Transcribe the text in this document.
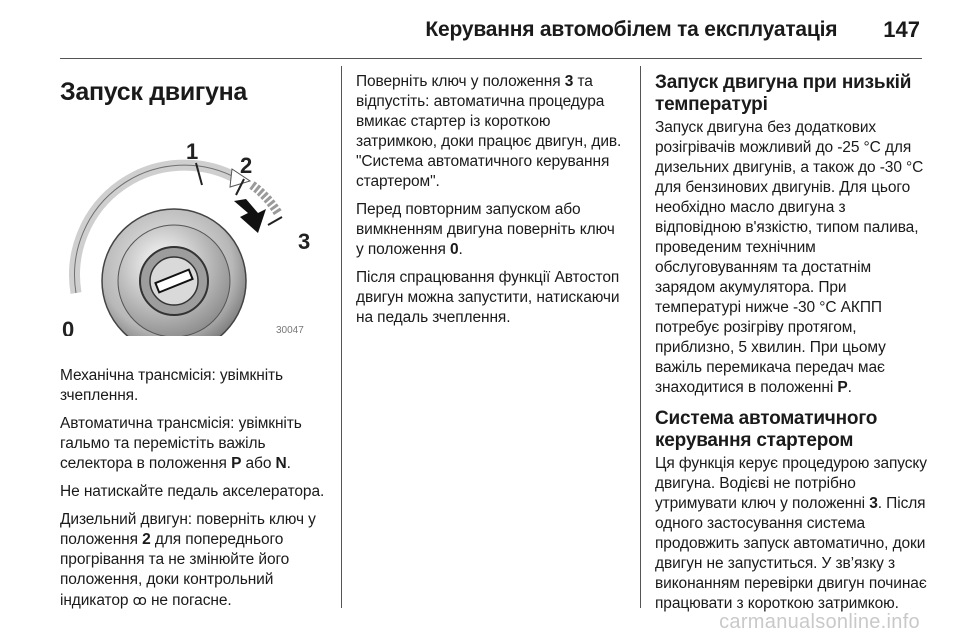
Керування автомобілем та експлуатація 147
Запуск двигуна
1
2
3
0	30047

Механічна трансмісія: увімкніть зчеплення.

Автоматична трансмісія: увімкніть гальмо та перемістіть важіль селектора в положення P або N.

Не натискайте педаль акселератора.

Дизельний двигун: поверніть ключ у положення 2 для попереднього прогрівання та не змінюйте його положення, доки контрольний індикатор ꝏ не погасне.

Поверніть ключ у положення 3 та відпустіть: автоматична процедура вмикає стартер із короткою затримкою, доки працює двигун, див. "Система автоматичного керування стартером".

Перед повторним запуском або вимкненням двигуна поверніть ключ у положення 0.

Після спрацювання функції Автостоп двигун можна запустити, натискаючи на педаль зчеплення.

Запуск двигуна при низькій температурі

Запуск двигуна без додаткових розігрівачів можливий до -25 °C для дизельних двигунів, а також до -30 °C для бензинових двигунів. Для цього необхідно масло двигуна з відповідною в'язкістю, типом палива, проведеним технічним обслуговуванням та достатнім зарядом акумулятора. При температурі нижче -30 °C АКПП потребує розігріву протягом, приблизно, 5 хвилин. При цьому важіль перемикача передач має знаходитися в положенні P.

Система автоматичного керування стартером

Ця функція керує процедурою запуску двигуна. Водієві не потрібно утримувати ключ у положенні 3. Після одного застосування система продовжить запуск автоматично, доки двигун не запуститься. У зв’язку з виконанням перевірки двигун починає працювати з короткою затримкою.

carmanualsonline.info
